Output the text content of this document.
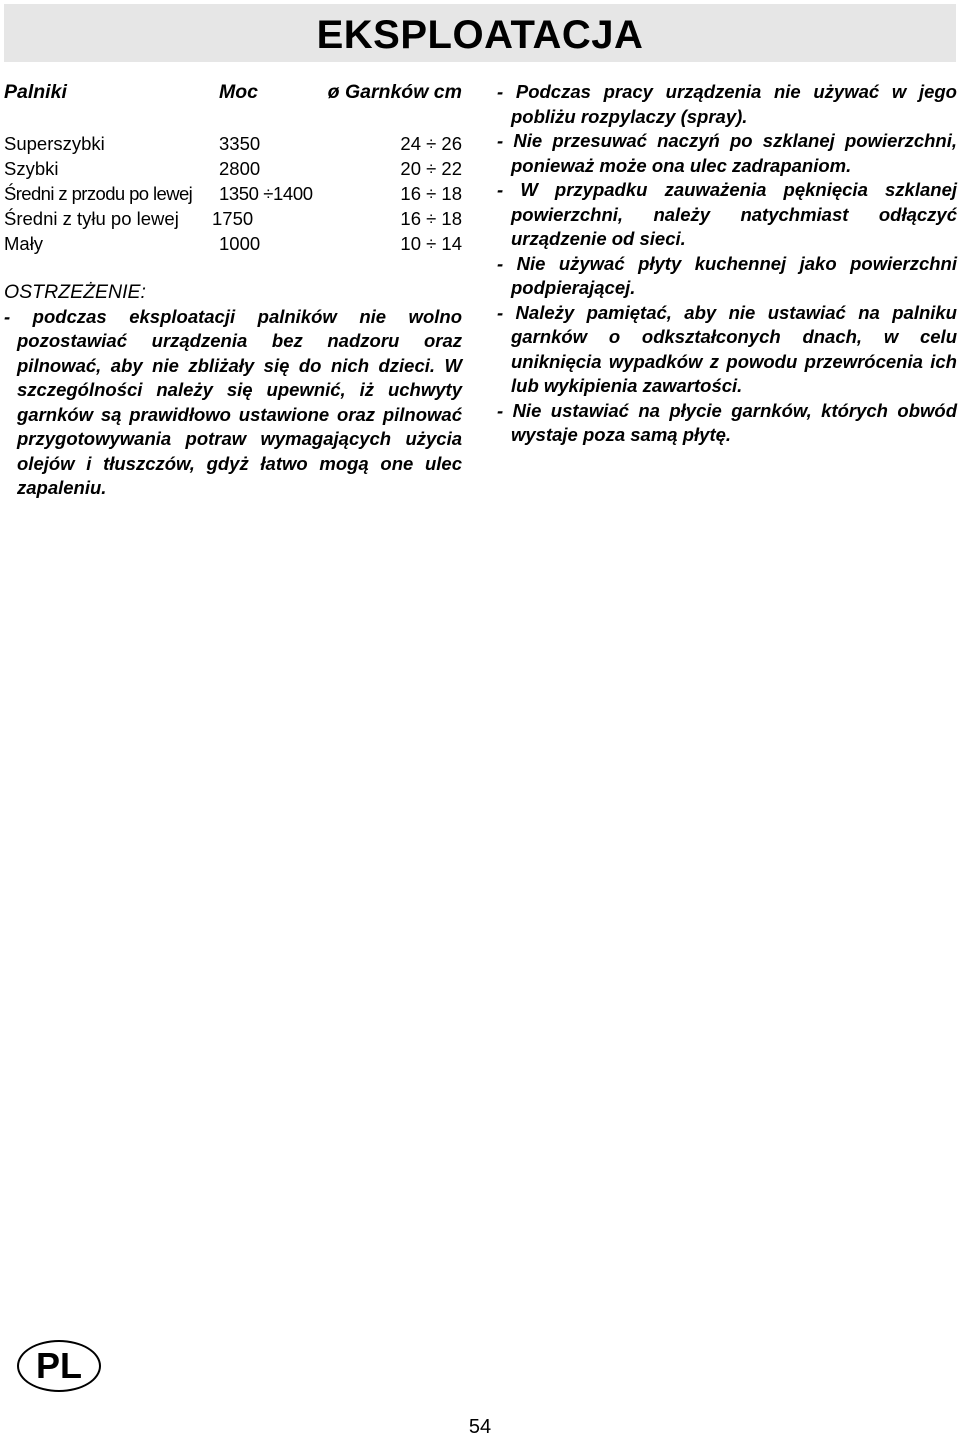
EKSPLOATACJA
Palniki	Moc	ø Garnków cm
Superszybki	3350	24 ÷ 26
Szybki	2800	20 ÷ 22
Średni z przodu po lewej 1350 ÷1400	16 ÷ 18
Średni z tyłu po lewej 1750	16 ÷ 18
Mały	1000	10 ÷ 14
OSTRZEŻENIE:
- podczas eksploatacji palników nie wolno pozostawiać urządzenia bez nadzoru oraz pilnować, aby nie zbliżały się do nich dzieci. W szczególności należy się upewnić, iż uchwyty garnków są prawidłowo ustawione oraz pilnować przygotowywania potraw wymagających użycia olejów i tłuszczów, gdyż łatwo mogą one ulec zapaleniu.
- Podczas pracy urządzenia nie używać w jego pobliżu rozpylaczy (spray).
- Nie przesuwać naczyń po szklanej powierzchni, ponieważ może ona ulec zadrapaniom.
- W przypadku zauważenia pęknięcia szklanej powierzchni, należy natychmiast odłączyć urządzenie od sieci.
- Nie używać płyty kuchennej jako powierzchni podpierającej.
- Należy pamiętać, aby nie ustawiać na palniku garnków o odkształconych dnach, w celu uniknięcia wypadków z powodu przewrócenia ich lub wykipienia zawartości.
- Nie ustawiać na płycie garnków, których obwód wystaje poza samą płytę.
PL
54
